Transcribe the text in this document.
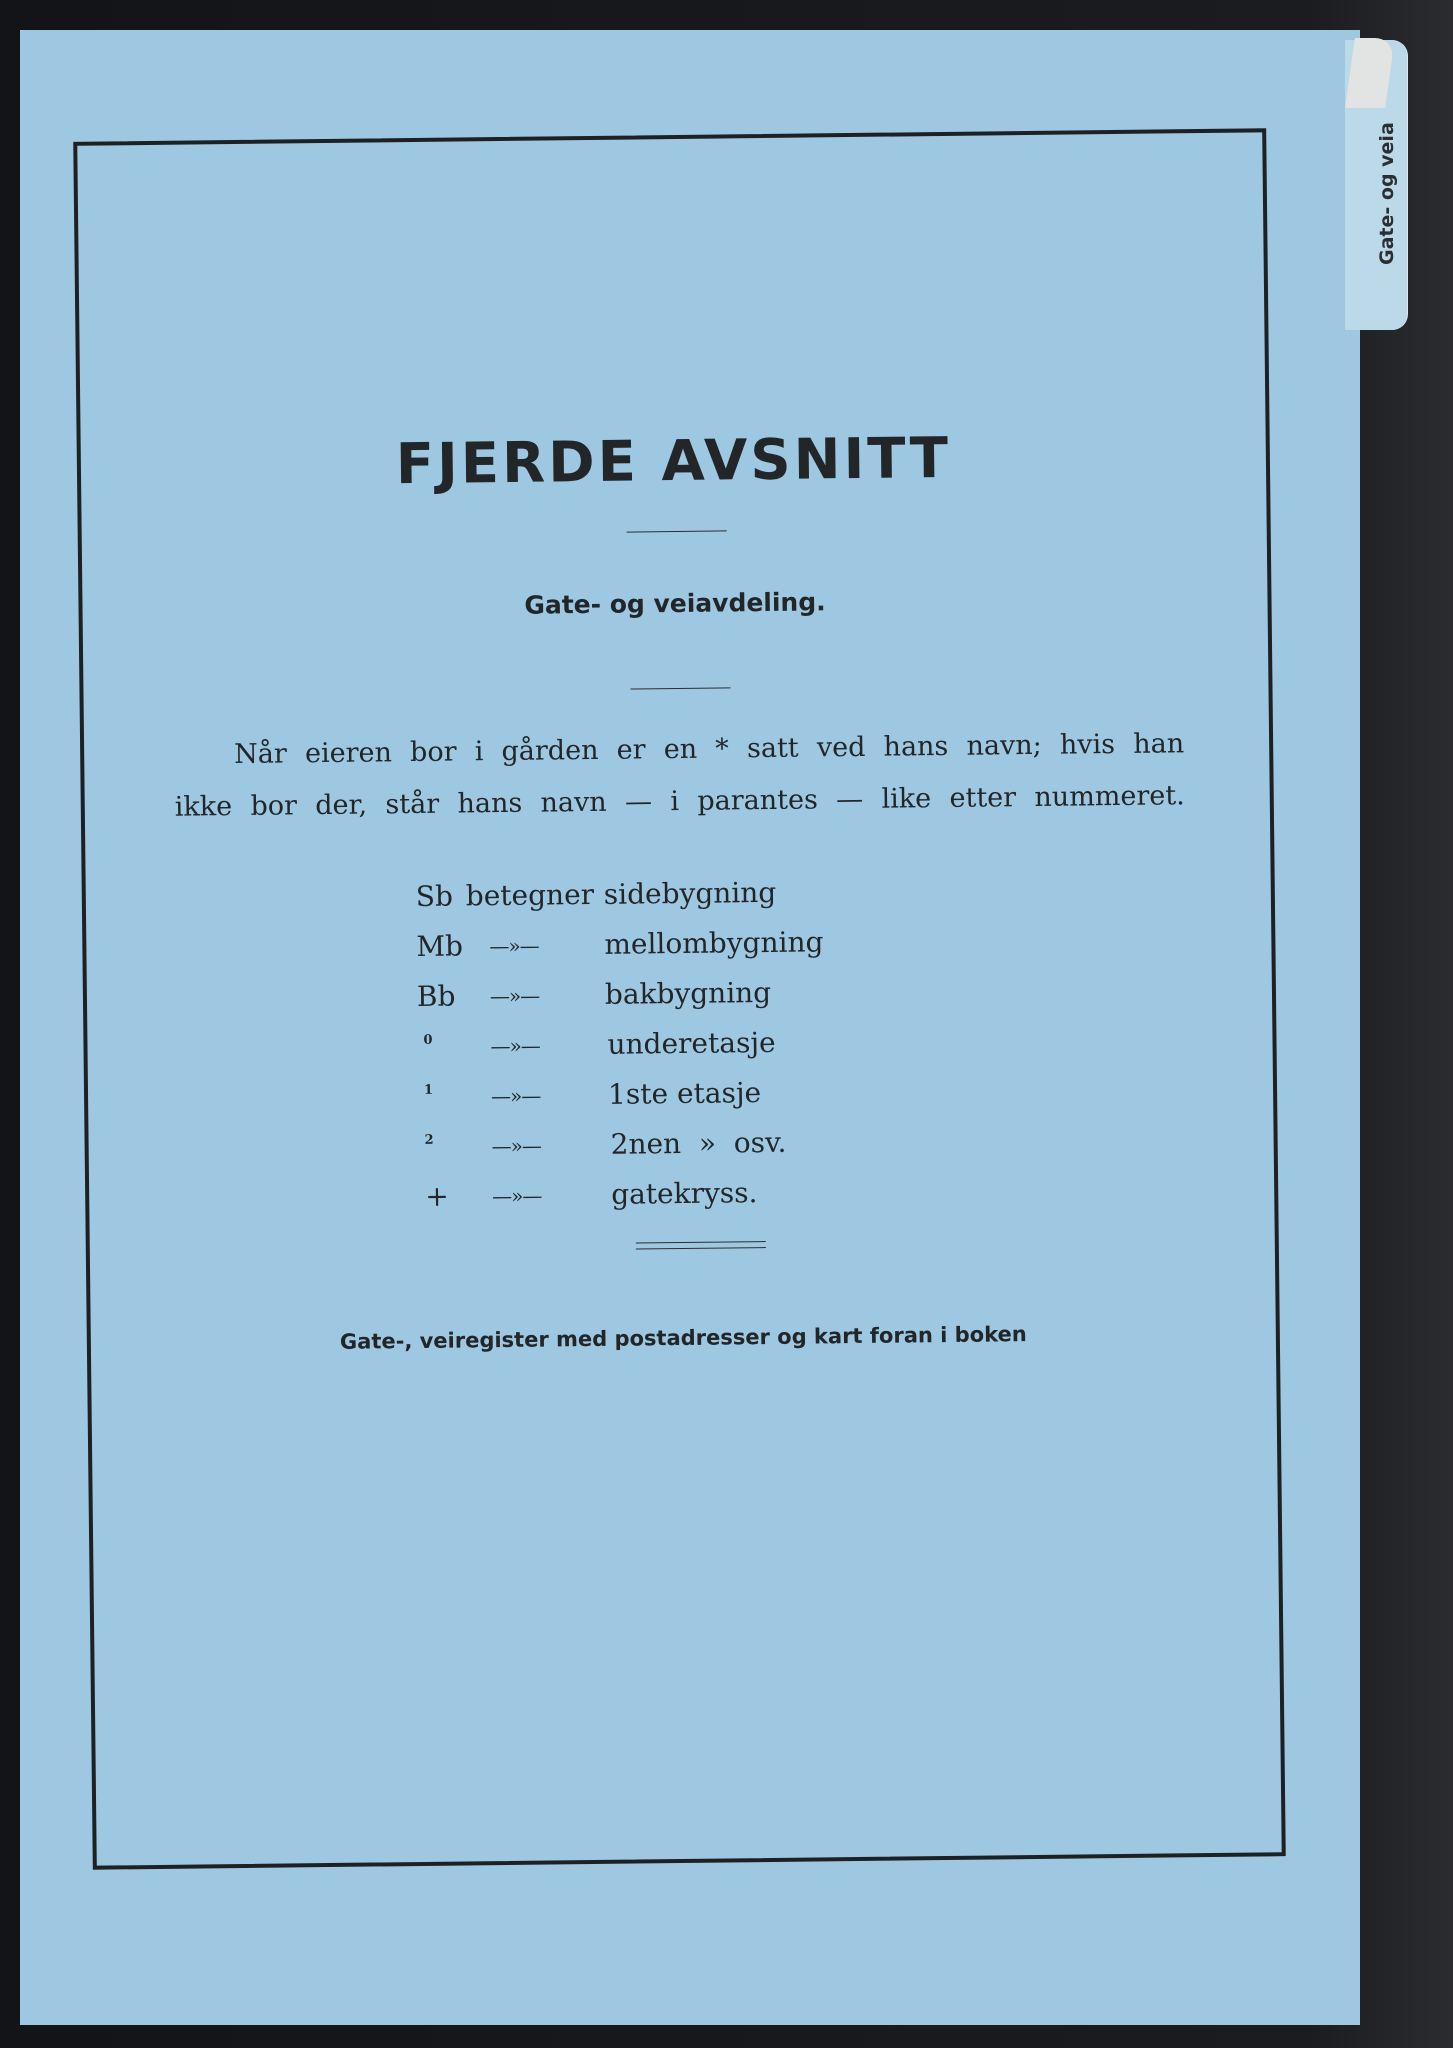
Gate- og veia
FJERDE AVSNITT
Gate- og veiavdeling.

Når eieren bor i gården er en * satt ved hans navn; hvis han

ikke bor der, står hans navn — i parantes — like etter nummeret.

Sb betegner sidebygning
Mb —»— mellombygning
Bb —»— bakbygning
0	—»— underetasje
1	—»— 1ste etasje
2	—»— 2nen  »  osv.
+ —»— gatekryss.
Gate-, veiregister med postadresser og kart foran i boken
